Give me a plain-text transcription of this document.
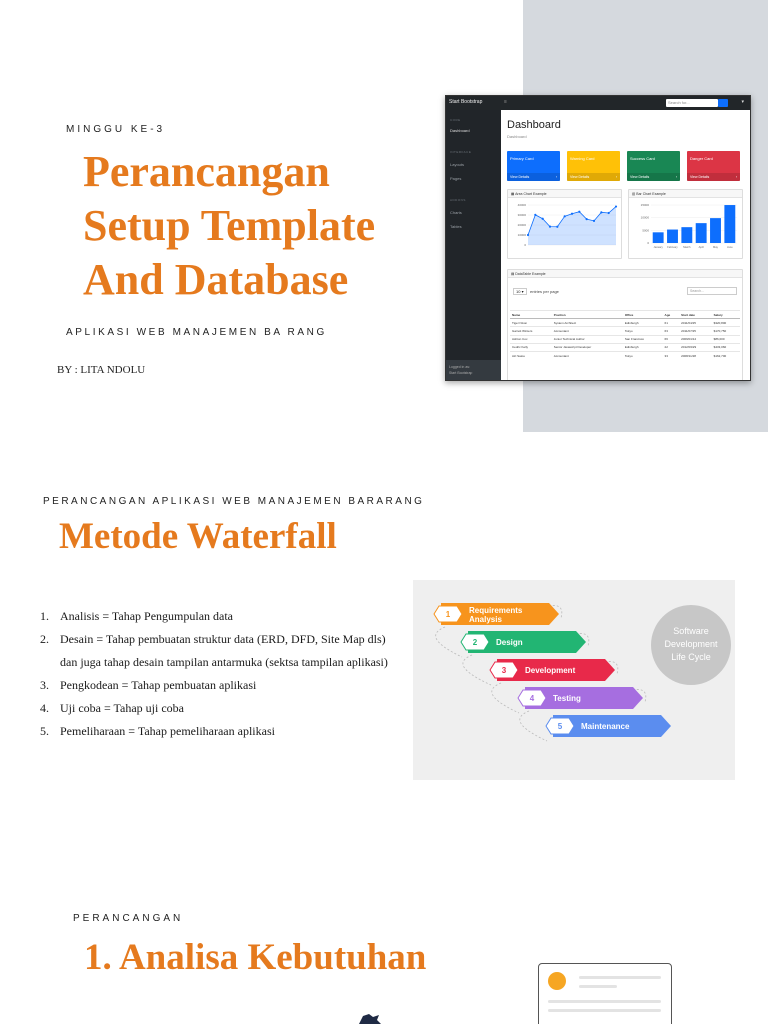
MINGGU KE-3
Perancangan
Setup Template
And Database
APLIKASI WEB MANAJEMEN BA RANG
BY : LITA NDOLU
Start Bootstrap	≡	Search for...	▾
CORE
Dashboard
INTERFACE
Layouts
Pages
ADDONS
Charts
Tables
Logged in as:
Start Bootstrap
Dashboard
Dashboard
Primary Card
View Details	›
Warning Card
View Details	›
Success Card
View Details	›
Danger Card
View Details	›
▦ Area Chart Example
40000
30000
20000
10000
0
▥ Bar Chart Example
15000
10000
5000
0
January February March	April	May	June
▤ DataTable Example
10 ▾	entries per page	Search...
Name	Position	Office	Age	Start date	Salary
Tiger Nixon	System Architect	Edinburgh	61	2011/04/25	$320,800
Garrett Winters	Accountant	Tokyo	63	2011/07/25	$170,750
Ashton Cox	Junior Technical Author	San Francisco	66	2009/01/12	$86,000
Cedric Kelly	Senior Javascript Developer	Edinburgh	22	2012/03/29	$433,060
Airi Satou	Accountant	Tokyo	33	2008/11/28	$162,700
PERANCANGAN APLIKASI WEB MANAJEMEN BARARANG
Metode Waterfall
1. Analisis = Tahap Pengumpulan data
2. Desain = Tahap pembuatan struktur data (ERD, DFD, Site Map dls) dan juga tahap desain tampilan antarmuka (sektsa tampilan aplikasi)
3. Pengkodean = Tahap pembuatan aplikasi
4. Uji coba = Tahap uji coba
5. Pemeliharaan = Tahap pemeliharaan aplikasi
Software
Development
Life Cycle
1 Requirements
Analysis
2 Design
3 Development
4 Testing
5 Maintenance
PERANCANGAN
1. Analisa Kebutuhan
